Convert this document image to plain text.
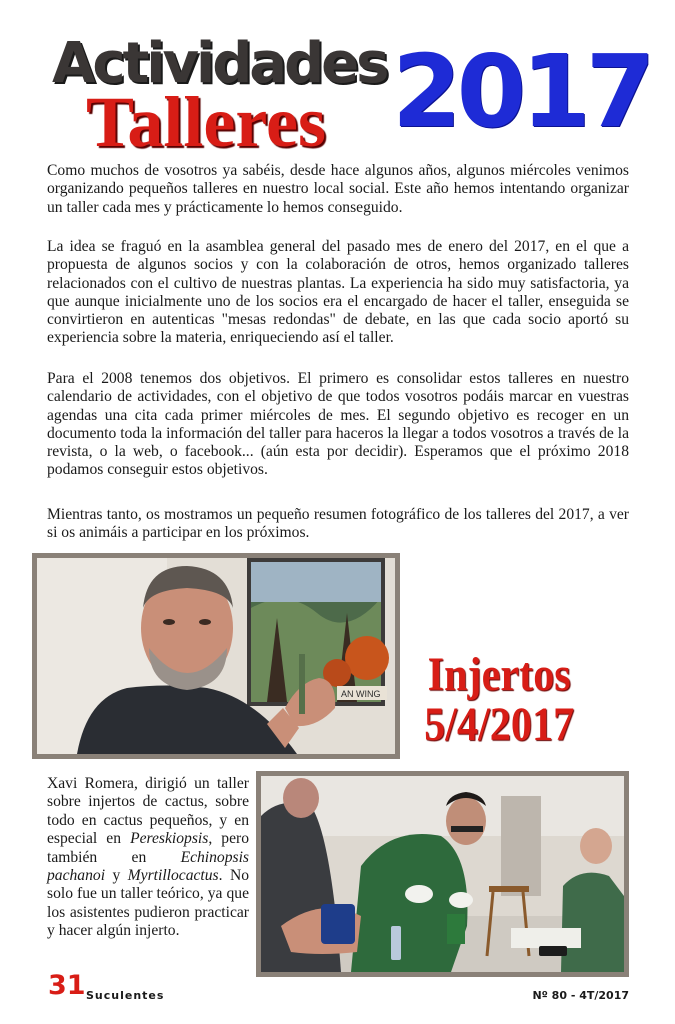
Actividades 2017
Talleres

Como muchos de vosotros ya sabéis, desde hace algunos años, algunos miércoles venimos organizando pequeños talleres en nuestro local social. Este año hemos intentando organizar un taller cada mes y prácticamente lo hemos conseguido.

La idea se fraguó en la asamblea general del pasado mes de enero del 2017, en el que a propuesta de algunos socios y con la colaboración de otros, hemos organizado talleres relacionados con el cultivo de nuestras plantas. La experiencia ha sido muy satisfactoria, ya que aunque inicialmente uno de los socios era el encargado de hacer el taller, enseguida se convirtieron en autenticas "mesas redondas" de debate, en las que cada socio aportó su experiencia sobre la materia, enriqueciendo así el taller.

Para el 2008 tenemos dos objetivos. El primero es consolidar estos talleres en nuestro calendario de actividades, con el objetivo de que todos vosotros podáis marcar en vuestras agendas una cita cada primer miércoles de mes. El segundo objetivo es recoger en un documento toda la información del taller para haceros la llegar a todos vosotros a través de la revista, o la web, o facebook... (aún esta por decidir). Esperamos que el próximo 2018 podamos conseguir estos objetivos.

Mientras tanto, os mostramos un pequeño resumen fotográfico de los talleres del 2017, a ver si os animáis a participar en los próximos.

AN WING Injertos
5/4/2017

Xavi Romera, dirigió un taller sobre injertos de cactus, sobre todo en cactus pequeños, y en especial en Pereskiopsis, pero también en Echinopsis pachanoi y Myrtillocactus. No solo fue un taller teórico, ya que los asistentes pudieron practicar y hacer algún injerto.

31 Suculentes	Nº 80 - 4T/2017
